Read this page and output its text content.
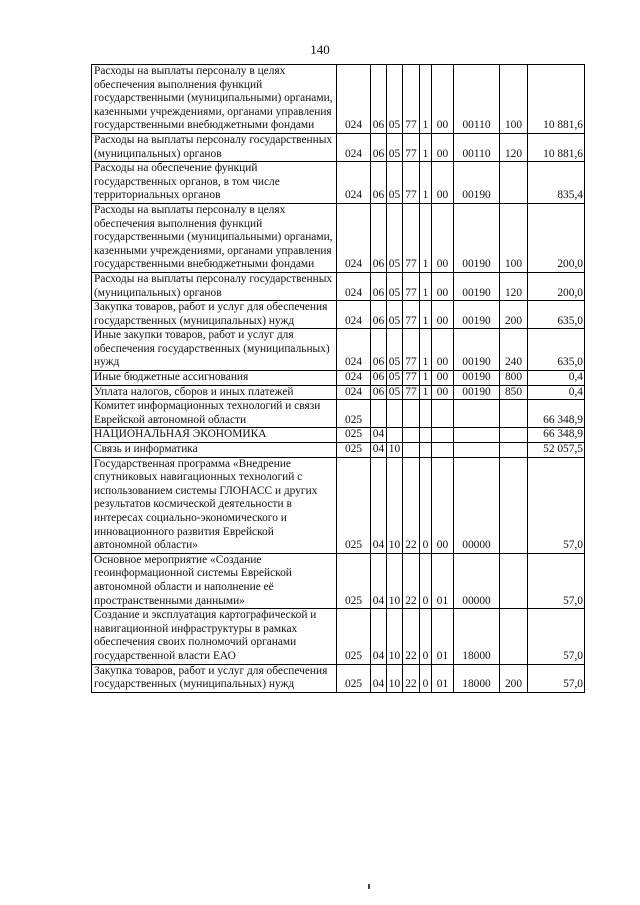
140
Расходы на выплаты персоналу в целях обеспечения выполнения функций государственными (муниципальными) органами, казенными учреждениями, органами управления государственными внебюджетными фондами	024	06	05	77	1	00	00110	100	10 881,6
Расходы на выплаты персоналу государственных (муниципальных) органов	024	06	05	77	1	00	00110	120	10 881,6
Расходы на обеспечение функций государственных органов, в том числе территориальных органов	024	06	05	77	1	00	00190		835,4
Расходы на выплаты персоналу в целях обеспечения выполнения функций государственными (муниципальными) органами, казенными учреждениями, органами управления государственными внебюджетными фондами	024	06	05	77	1	00	00190	100	200,0
Расходы на выплаты персоналу государственных (муниципальных) органов	024	06	05	77	1	00	00190	120	200,0
Закупка товаров, работ и услуг для обеспечения государственных (муниципальных) нужд	024	06	05	77	1	00	00190	200	635,0
Иные закупки товаров, работ и услуг для обеспечения государственных (муниципальных) нужд	024	06	05	77	1	00	00190	240	635,0
Иные бюджетные ассигнования	024	06	05	77	1	00	00190	800	0,4
Уплата налогов, сборов и иных платежей	024	06	05	77	1	00	00190	850	0,4
Комитет информационных технологий и связи Еврейской автономной области	025								66 348,9
НАЦИОНАЛЬНАЯ ЭКОНОМИКА	025	04							66 348,9
Связь и информатика	025	04	10						52 057,5
Государственная программа «Внедрение спутниковых навигационных технологий с использованием системы ГЛОНАСС и других результатов космической деятельности в интересах социально-экономического и инновационного развития Еврейской автономной области»	025	04	10	22	0	00	00000		57,0
Основное мероприятие «Создание геоинформационной системы Еврейской автономной области и наполнение её пространственными данными»	025	04	10	22	0	01	00000		57,0
Создание и эксплуатация картографической и навигационной инфраструктуры в рамках обеспечения своих полномочий органами государственной власти ЕАО	025	04	10	22	0	01	18000		57,0
Закупка товаров, работ и услуг для обеспечения государственных (муниципальных) нужд	025	04	10	22	0	01	18000	200	57,0
